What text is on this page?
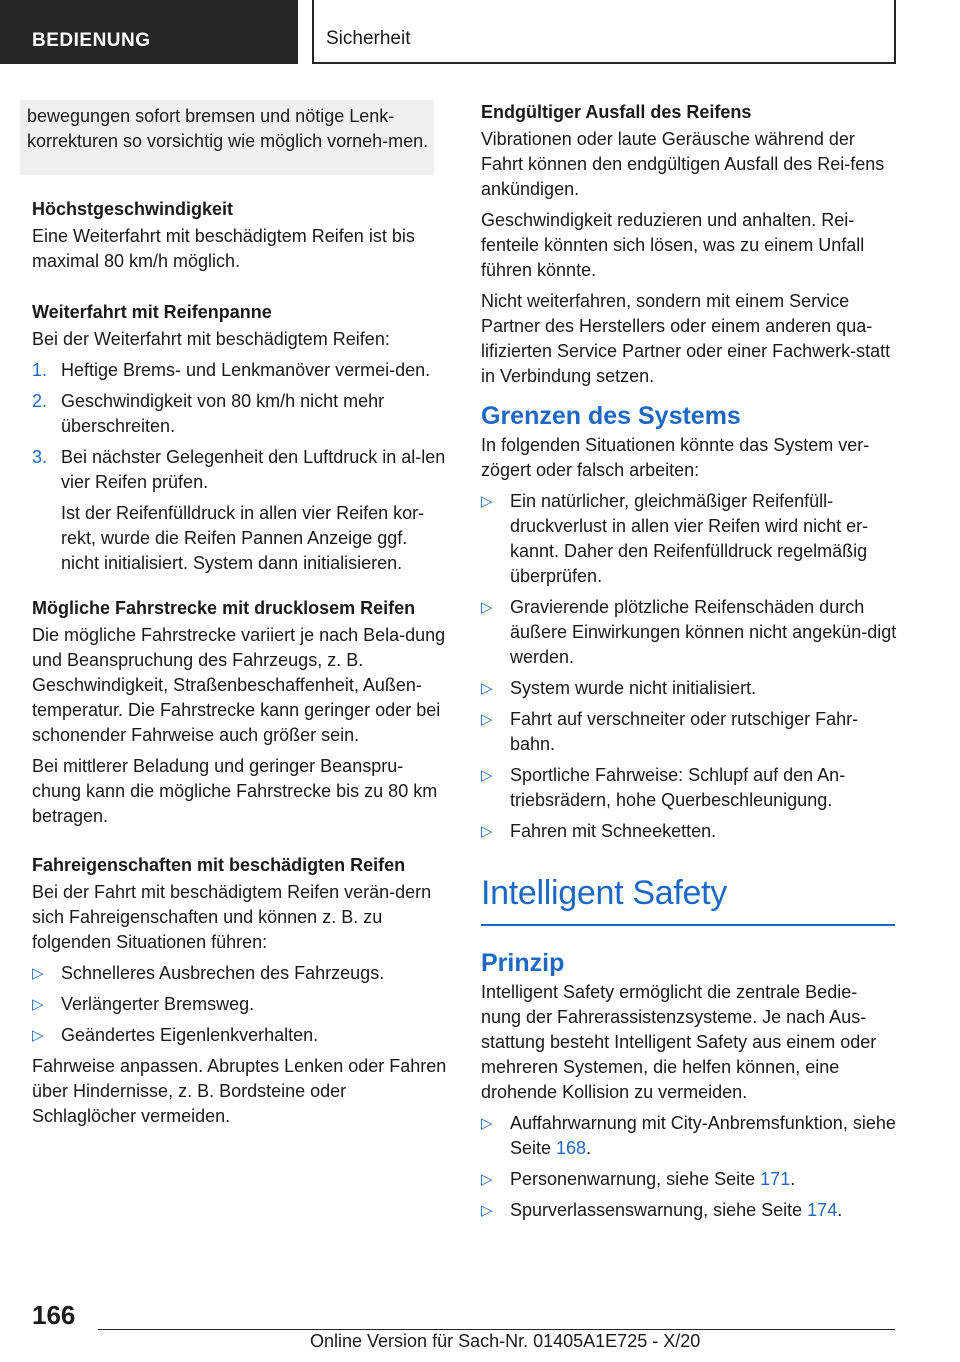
BEDIENUNG	Sicherheit
bewegungen sofort bremsen und nötige Lenk-korrekturen so vorsichtig wie möglich vorneh-men.
Höchstgeschwindigkeit

Eine Weiterfahrt mit beschädigtem Reifen ist bis maximal 80 km/h möglich.

Weiterfahrt mit Reifenpanne

Bei der Weiterfahrt mit beschädigtem Reifen:

1. Heftige Brems- und Lenkmanöver vermei-den.
2. Geschwindigkeit von 80 km/h nicht mehr überschreiten.
3. Bei nächster Gelegenheit den Luftdruck in al-len vier Reifen prüfen.
Ist der Reifenfülldruck in allen vier Reifen kor-rekt, wurde die Reifen Pannen Anzeige ggf. nicht initialisiert. System dann initialisieren.
Mögliche Fahrstrecke mit drucklosem Reifen

Die mögliche Fahrstrecke variiert je nach Bela-dung und Beanspruchung des Fahrzeugs, z. B. Geschwindigkeit, Straßenbeschaffenheit, Außen-temperatur. Die Fahrstrecke kann geringer oder bei schonender Fahrweise auch größer sein.

Bei mittlerer Beladung und geringer Beanspru-chung kann die mögliche Fahrstrecke bis zu 80 km betragen.

Fahreigenschaften mit beschädigten Reifen

Bei der Fahrt mit beschädigtem Reifen verän-dern sich Fahreigenschaften und können z. B. zu folgenden Situationen führen:

▷ Schnelleres Ausbrechen des Fahrzeugs.
▷ Verlängerter Bremsweg.
▷ Geändertes Eigenlenkverhalten.

Fahrweise anpassen. Abruptes Lenken oder Fahren über Hindernisse, z. B. Bordsteine oder Schlaglöcher vermeiden.

Endgültiger Ausfall des Reifens

Vibrationen oder laute Geräusche während der Fahrt können den endgültigen Ausfall des Rei-fens ankündigen.

Geschwindigkeit reduzieren und anhalten. Rei-fenteile könnten sich lösen, was zu einem Unfall führen könnte.

Nicht weiterfahren, sondern mit einem Service Partner des Herstellers oder einem anderen qua-lifizierten Service Partner oder einer Fachwerk-statt in Verbindung setzen.

Grenzen des Systems

In folgenden Situationen könnte das System ver-zögert oder falsch arbeiten:

▷ Ein natürlicher, gleichmäßiger Reifenfüll-druckverlust in allen vier Reifen wird nicht er-kannt. Daher den Reifenfülldruck regelmäßig überprüfen.
▷ Gravierende plötzliche Reifenschäden durch äußere Einwirkungen können nicht angekün-digt werden.
▷ System wurde nicht initialisiert.
▷ Fahrt auf verschneiter oder rutschiger Fahr-bahn.
▷ Sportliche Fahrweise: Schlupf auf den An-triebsrädern, hohe Querbeschleunigung.
▷ Fahren mit Schneeketten.
Intelligent Safety
Prinzip

Intelligent Safety ermöglicht die zentrale Bedie-nung der Fahrerassistenzsysteme. Je nach Aus-stattung besteht Intelligent Safety aus einem oder mehreren Systemen, die helfen können, eine drohende Kollision zu vermeiden.

▷ Auffahrwarnung mit City-Anbremsfunktion, siehe Seite 168.
▷ Personenwarnung, siehe Seite 171.
▷ Spurverlassenswarnung, siehe Seite 174.
166
Online Version für Sach-Nr. 01405A1E725 - X/20
